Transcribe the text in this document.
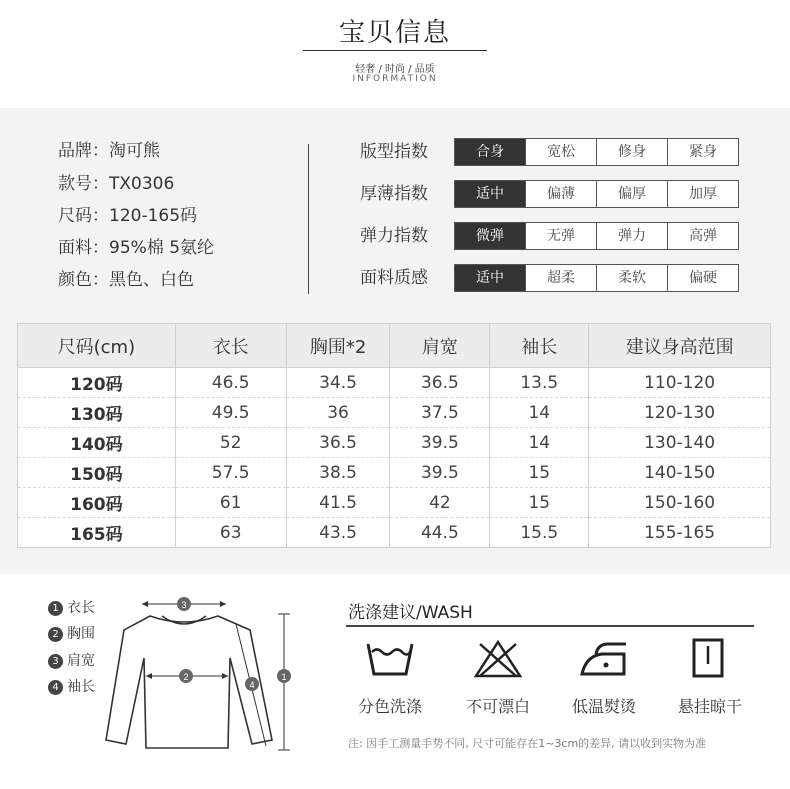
宝贝信息
轻奢 / 时尚 / 品质
INFORMATION
品牌：淘可熊
款号：TX0306
尺码：120-165码
面料：95%棉 5氨纶
颜色：黑色、白色
版型指数	合身	宽松	修身	紧身
厚薄指数	适中	偏薄	偏厚	加厚
弹力指数	微弹	无弹	弹力	高弹
面料质感	适中	超柔	柔软	偏硬
尺码(cm)	衣长	胸围*2	肩宽	袖长	建议身高范围
120码	46.5	34.5	36.5	13.5	110-120
130码	49.5	36	37.5	14	120-130
140码	52	36.5	39.5	14	130-140
150码	57.5	38.5	39.5	15	140-150
160码	61	41.5	42	15	150-160
165码	63	43.5	44.5	15.5	155-165
1 衣长
2 胸围
3 肩宽
4 袖长
3
2
4
1
洗涤建议/WASH
分色洗涤	不可漂白	低温熨烫	悬挂晾干
注: 因手工测量手势不同, 尺寸可能存在1~3cm的差异, 请以收到实物为准
